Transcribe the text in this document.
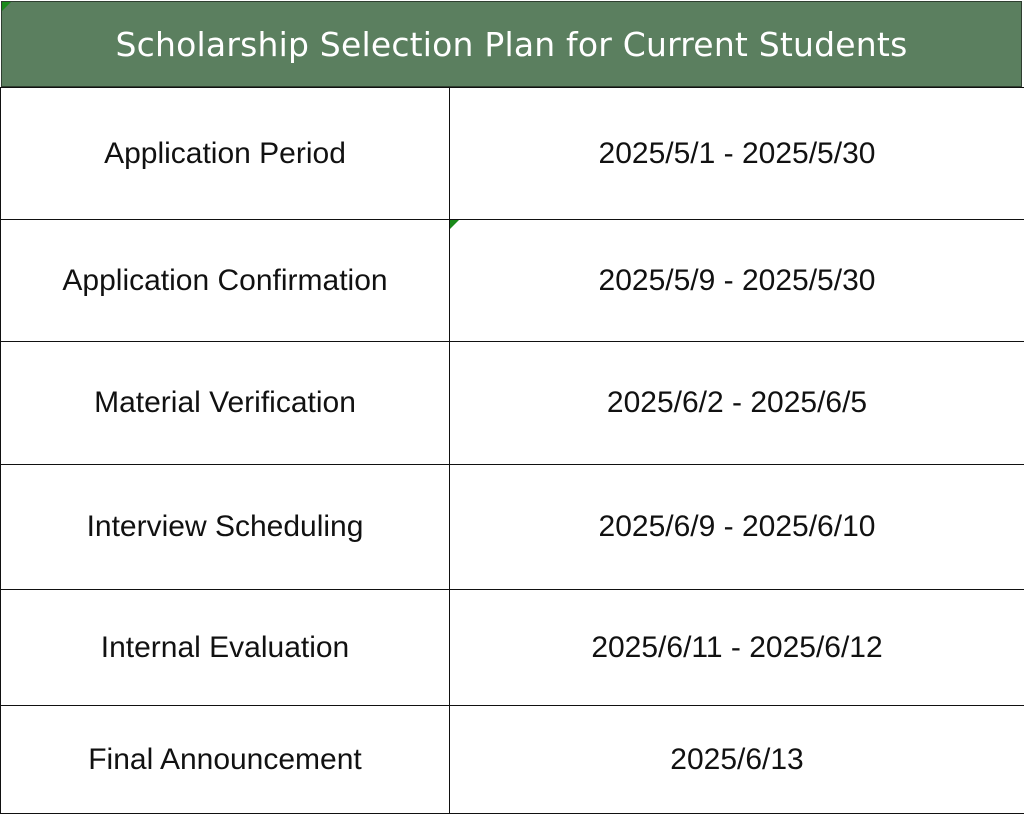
Scholarship Selection Plan for Current Students
Application Period	2025/5/1 - 2025/5/30
Application Confirmation	2025/5/9 - 2025/5/30
Material Verification	2025/6/2 - 2025/6/5
Interview Scheduling	2025/6/9 - 2025/6/10
Internal Evaluation	2025/6/11 - 2025/6/12
Final Announcement	2025/6/13
